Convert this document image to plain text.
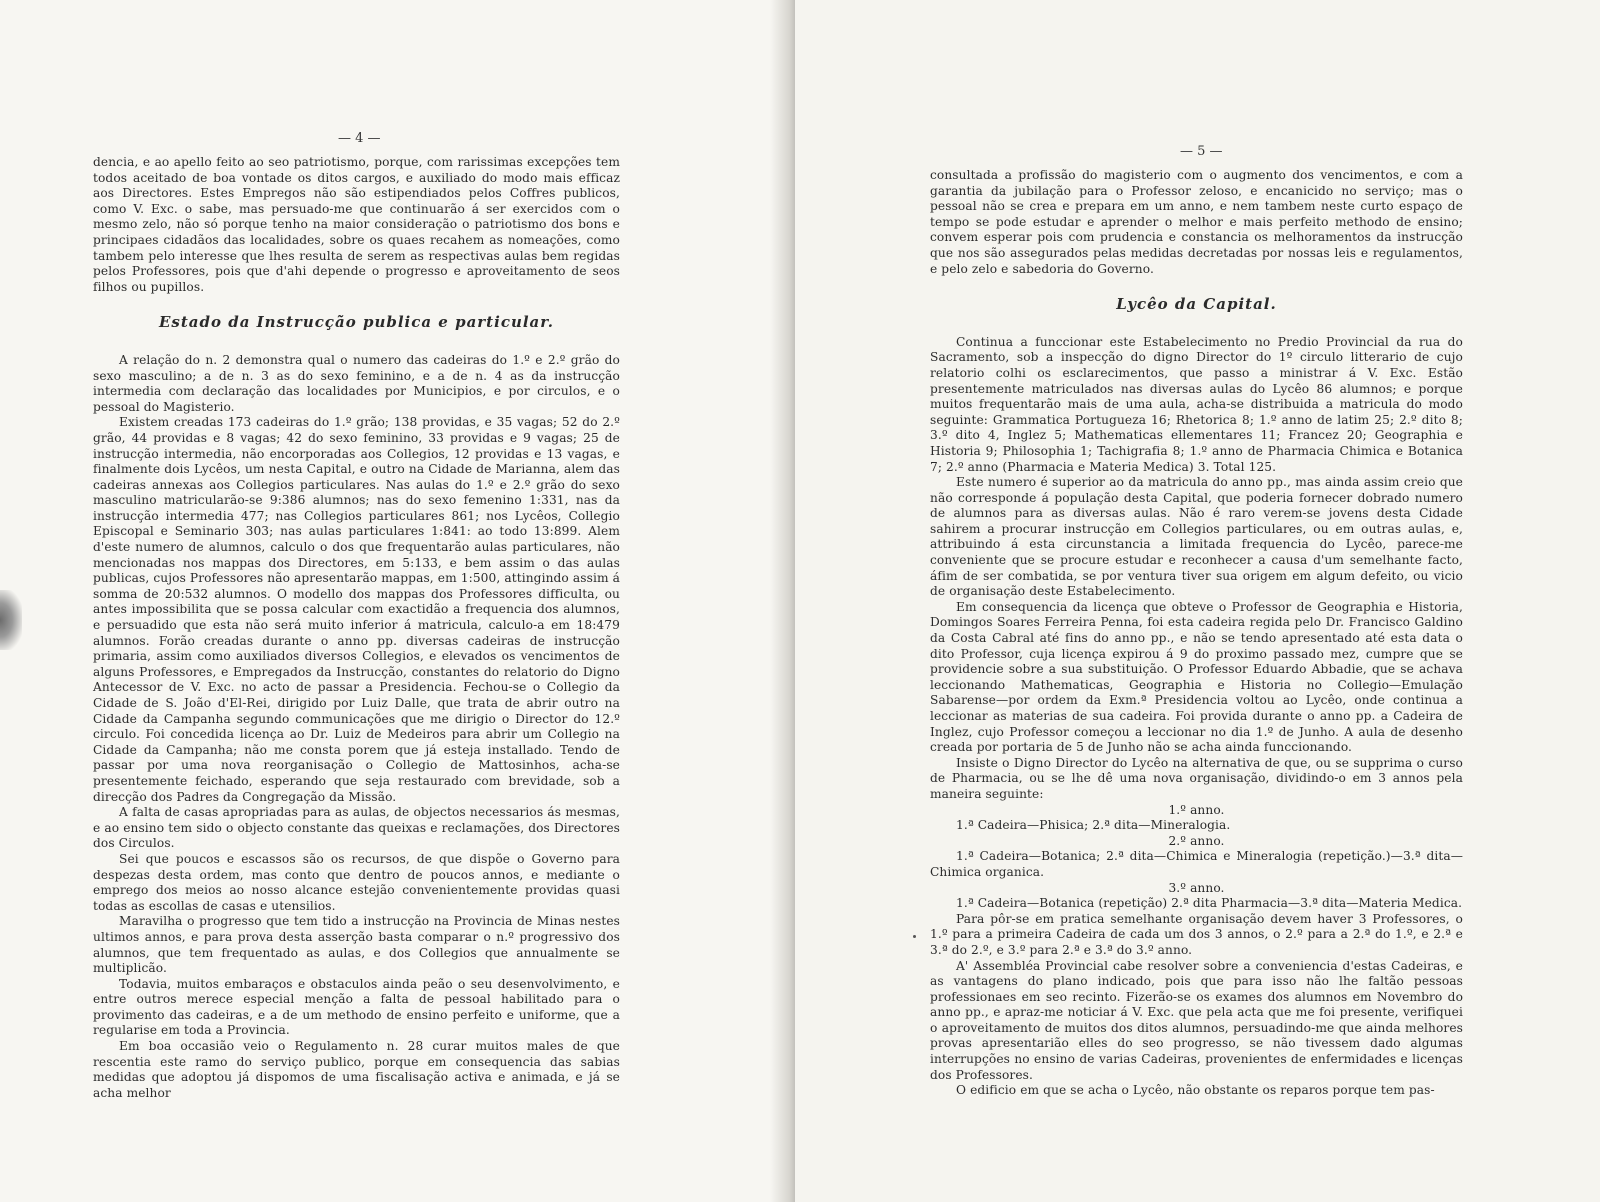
— 4 —

dencia, e ao apello feito ao seo patriotismo, porque, com rarissimas excepções tem todos aceitado de boa vontade os ditos cargos, e auxiliado do modo mais efficaz aos Directores. Estes Empregos não são estipendiados pelos Coffres publicos, como V. Exc. o sabe, mas persuado-me que continuarão á ser exercidos com o mesmo zelo, não só porque tenho na maior consideração o patriotismo dos bons e principaes cidadãos das localidades, sobre os quaes recahem as nomeações, como tambem pelo interesse que lhes resulta de serem as respectivas aulas bem regidas pelos Professores, pois que d'ahi depende o progresso e aproveitamento de seos filhos ou pupillos.

Estado da Instrucção publica e particular.

A relação do n. 2 demonstra qual o numero das cadeiras do 1.º e 2.º grão do sexo masculino; a de n. 3 as do sexo feminino, e a de n. 4 as da instrucção intermedia com declaração das localidades por Municipios, e por circulos, e o pessoal do Magisterio.

Existem creadas 173 cadeiras do 1.º grão; 138 providas, e 35 vagas; 52 do 2.º grão, 44 providas e 8 vagas; 42 do sexo feminino, 33 providas e 9 vagas; 25 de instrucção intermedia, não encorporadas aos Collegios, 12 providas e 13 vagas, e finalmente dois Lycêos, um nesta Capital, e outro na Cidade de Marianna, alem das cadeiras annexas aos Collegios particulares. Nas aulas do 1.º e 2.º grão do sexo masculino matricularão-se 9:386 alumnos; nas do sexo femenino 1:331, nas da instrucção intermedia 477; nas Collegios particulares 861; nos Lycêos, Collegio Episcopal e Seminario 303; nas aulas particulares 1:841: ao todo 13:899. Alem d'este numero de alumnos, calculo o dos que frequentarão aulas particulares, não mencionadas nos mappas dos Directores, em 5:133, e bem assim o das aulas publicas, cujos Professores não apresentarão mappas, em 1:500, attingindo assim á somma de 20:532 alumnos. O modello dos mappas dos Professores difficulta, ou antes impossibilita que se possa calcular com exactidão a frequencia dos alumnos, e persuadido que esta não será muito inferior á matricula, calculo-a em 18:479 alumnos. Forão creadas durante o anno pp. diversas cadeiras de instrucção primaria, assim como auxiliados diversos Collegios, e elevados os vencimentos de alguns Professores, e Empregados da Instrucção, constantes do relatorio do Digno Antecessor de V. Exc. no acto de passar a Presidencia. Fechou-se o Collegio da Cidade de S. João d'El-Rei, dirigido por Luiz Dalle, que trata de abrir outro na Cidade da Campanha segundo communicações que me dirigio o Director do 12.º circulo. Foi concedida licença ao Dr. Luiz de Medeiros para abrir um Collegio na Cidade da Campanha; não me consta porem que já esteja installado. Tendo de passar por uma nova reorganisação o Collegio de Mattosinhos, acha-se presentemente feichado, esperando que seja restaurado com brevidade, sob a direcção dos Padres da Congregação da Missão.

A falta de casas apropriadas para as aulas, de objectos necessarios ás mesmas, e ao ensino tem sido o objecto constante das queixas e reclamações, dos Directores dos Circulos.

Sei que poucos e escassos são os recursos, de que dispõe o Governo para despezas desta ordem, mas conto que dentro de poucos annos, e mediante o emprego dos meios ao nosso alcance estejão convenientemente providas quasi todas as escollas de casas e utensilios.

Maravilha o progresso que tem tido a instrucção na Provincia de Minas nestes ultimos annos, e para prova desta asserção basta comparar o n.º progressivo dos alumnos, que tem frequentado as aulas, e dos Collegios que annualmente se multiplicão.

Todavia, muitos embaraços e obstaculos ainda peão o seu desenvolvimento, e entre outros merece especial menção a falta de pessoal habilitado para o provimento das cadeiras, e a de um methodo de ensino perfeito e uniforme, que a regularise em toda a Provincia.

Em boa occasião veio o Regulamento n. 28 curar muitos males de que rescentia este ramo do serviço publico, porque em consequencia das sabias medidas que adoptou já dispomos de uma fiscalisação activa e animada, e já se acha melhor

— 5 —

consultada a profissão do magisterio com o augmento dos vencimentos, e com a garantia da jubilação para o Professor zeloso, e encanicido no serviço; mas o pessoal não se crea e prepara em um anno, e nem tambem neste curto espaço de tempo se pode estudar e aprender o melhor e mais perfeito methodo de ensino; convem esperar pois com prudencia e constancia os melhoramentos da instrucção que nos são assegurados pelas medidas decretadas por nossas leis e regulamentos, e pelo zelo e sabedoria do Governo.

Lycêo da Capital.

Continua a funccionar este Estabelecimento no Predio Provincial da rua do Sacramento, sob a inspecção do digno Director do 1º circulo litterario de cujo relatorio colhi os esclarecimentos, que passo a ministrar á V. Exc. Estão presentemente matriculados nas diversas aulas do Lycêo 86 alumnos; e porque muitos frequentarão mais de uma aula, acha-se distribuida a matricula do modo seguinte: Grammatica Portugueza 16; Rhetorica 8; 1.º anno de latim 25; 2.º dito 8; 3.º dito 4, Inglez 5; Mathematicas ellementares 11; Francez 20; Geographia e Historia 9; Philosophia 1; Tachigrafia 8; 1.º anno de Pharmacia Chimica e Botanica 7; 2.º anno (Pharmacia e Materia Medica) 3. Total 125.

Este numero é superior ao da matricula do anno pp., mas ainda assim creio que não corresponde á população desta Capital, que poderia fornecer dobrado numero de alumnos para as diversas aulas. Não é raro verem-se jovens desta Cidade sahirem a procurar instrucção em Collegios particulares, ou em outras aulas, e, attribuindo á esta circunstancia a limitada frequencia do Lycêo, parece-me conveniente que se procure estudar e reconhecer a causa d'um semelhante facto, áfim de ser combatida, se por ventura tiver sua origem em algum defeito, ou vicio de organisação deste Estabelecimento.

Em consequencia da licença que obteve o Professor de Geographia e Historia, Domingos Soares Ferreira Penna, foi esta cadeira regida pelo Dr. Francisco Galdino da Costa Cabral até fins do anno pp., e não se tendo apresentado até esta data o dito Professor, cuja licença expirou á 9 do proximo passado mez, cumpre que se providencie sobre a sua substituição. O Professor Eduardo Abbadie, que se achava leccionando Mathematicas, Geographia e Historia no Collegio—Emulação Sabarense—por ordem da Exm.ª Presidencia voltou ao Lycêo, onde continua a leccionar as materias de sua cadeira. Foi provida durante o anno pp. a Cadeira de Inglez, cujo Professor começou a leccionar no dia 1.º de Junho. A aula de desenho creada por portaria de 5 de Junho não se acha ainda funccionando.

Insiste o Digno Director do Lycêo na alternativa de que, ou se supprima o curso de Pharmacia, ou se lhe dê uma nova organisação, dividindo-o em 3 annos pela maneira seguinte:

1.º anno.

1.ª Cadeira—Phisica; 2.ª dita—Mineralogia.

2.º anno.

1.ª Cadeira—Botanica; 2.ª dita—Chimica e Mineralogia (repetição.)—3.ª dita—Chimica organica.

3.º anno.

1.ª Cadeira—Botanica (repetição) 2.ª dita Pharmacia—3.ª dita—Materia Medica.

Para pôr-se em pratica semelhante organisação devem haver 3 Professores, o 1.º para a primeira Cadeira de cada um dos 3 annos, o 2.º para a 2.ª do 1.º, e 2.ª e 3.ª do 2.º, e 3.º para 2.ª e 3.ª do 3.º anno.

A' Assembléa Provincial cabe resolver sobre a conveniencia d'estas Cadeiras, e as vantagens do plano indicado, pois que para isso não lhe faltão pessoas professionaes em seo recinto. Fizerão-se os exames dos alumnos em Novembro do anno pp., e apraz-me noticiar á V. Exc. que pela acta que me foi presente, verifiquei o aproveitamento de muitos dos ditos alumnos, persuadindo-me que ainda melhores provas apresentarião elles do seo progresso, se não tivessem dado algumas interrupções no ensino de varias Cadeiras, provenientes de enfermidades e licenças dos Professores.

O edificio em que se acha o Lycêo, não obstante os reparos porque tem pas-
